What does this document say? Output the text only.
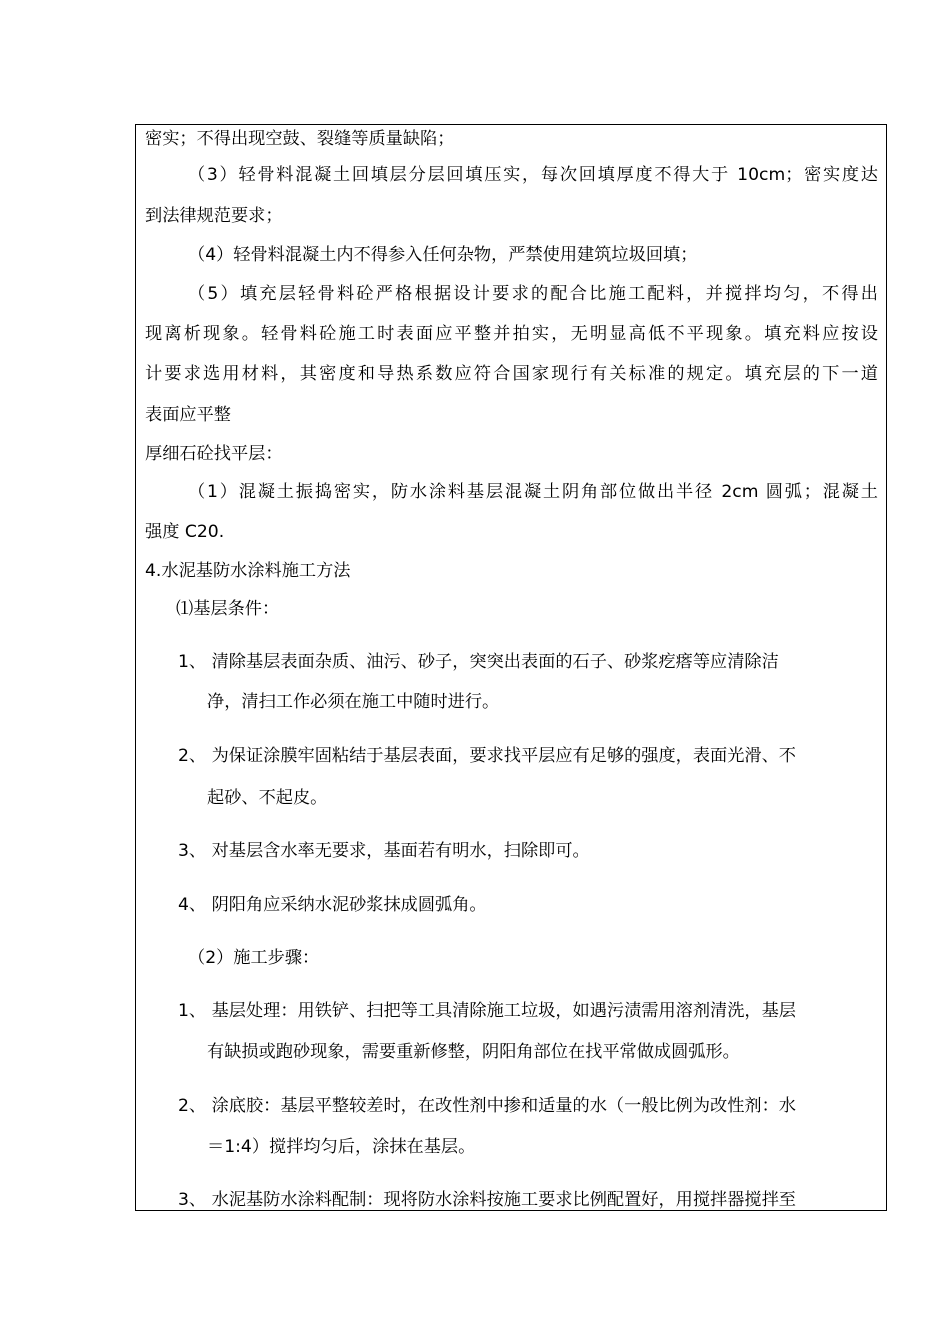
密实；不得出现空鼓、裂缝等质量缺陷；
（3）轻骨料混凝土回填层分层回填压实，每次回填厚度不得大于 10cm；密实度达
到法律规范要求；
（4）轻骨料混凝土内不得参入任何杂物，严禁使用建筑垃圾回填；
（5）填充层轻骨料砼严格根据设计要求的配合比施工配料，并搅拌均匀，不得出
现离析现象。轻骨料砼施工时表面应平整并拍实，无明显高低不平现象。填充料应按设
计要求选用材料，其密度和导热系数应符合国家现行有关标准的规定。填充层的下一道
表面应平整
厚细石砼找平层：
（1）混凝土振捣密实，防水涂料基层混凝土阴角部位做出半径 2cm 圆弧；混凝土
强度 C20.
4.水泥基防水涂料施工方法
⑴基层条件：
1、 清除基层表面杂质、油污、砂子，突突出表面的石子、砂浆疙瘩等应清除洁
净，清扫工作必须在施工中随时进行。
2、 为保证涂膜牢固粘结于基层表面，要求找平层应有足够的强度，表面光滑、不
起砂、不起皮。
3、 对基层含水率无要求，基面若有明水，扫除即可。
4、 阴阳角应采纳水泥砂浆抹成圆弧角。
（2）施工步骤：
1、 基层处理：用铁铲、扫把等工具清除施工垃圾，如遇污渍需用溶剂清洗，基层
有缺损或跑砂现象，需要重新修整，阴阳角部位在找平常做成圆弧形。
2、 涂底胶：基层平整较差时，在改性剂中掺和适量的水（一般比例为改性剂：水
＝1:4）搅拌均匀后，涂抹在基层。
3、 水泥基防水涂料配制：现将防水涂料按施工要求比例配置好，用搅拌器搅拌至
